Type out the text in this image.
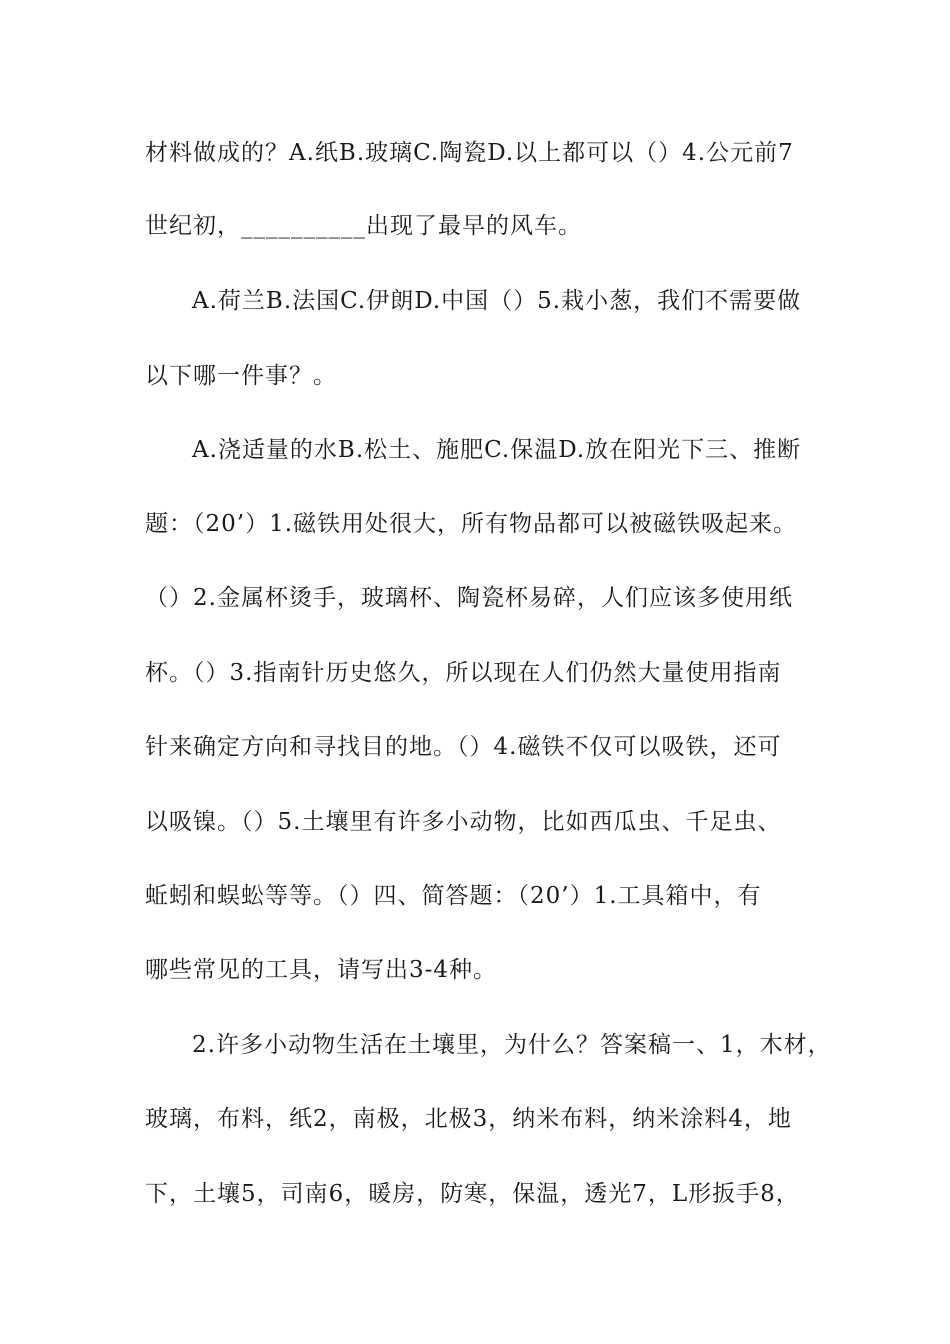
材料做成的？A.纸B.玻璃C.陶瓷D.以上都可以（）4.公元前7
世纪初，__________出现了最早的风车。
A.荷兰B.法国C.伊朗D.中国（）5.栽小葱，我们不需要做
以下哪一件事？。
A.浇适量的水B.松土、施肥C.保温D.放在阳光下三、推断
题：（20’）1.磁铁用处很大，所有物品都可以被磁铁吸起来。
（）2.金属杯烫手，玻璃杯、陶瓷杯易碎，人们应该多使用纸
杯。（）3.指南针历史悠久，所以现在人们仍然大量使用指南
针来确定方向和寻找目的地。（）4.磁铁不仅可以吸铁，还可
以吸镍。（）5.土壤里有许多小动物，比如西瓜虫、千足虫、
蚯蚓和蜈蚣等等。（）四、简答题：（20’）1.工具箱中，有
哪些常见的工具，请写出3-4种。
2.许多小动物生活在土壤里，为什么？答案稿一、1，木材，
玻璃，布料，纸2，南极，北极3，纳米布料，纳米涂料4，地
下，土壤5，司南6，暖房，防寒，保温，透光7，L形扳手8，
